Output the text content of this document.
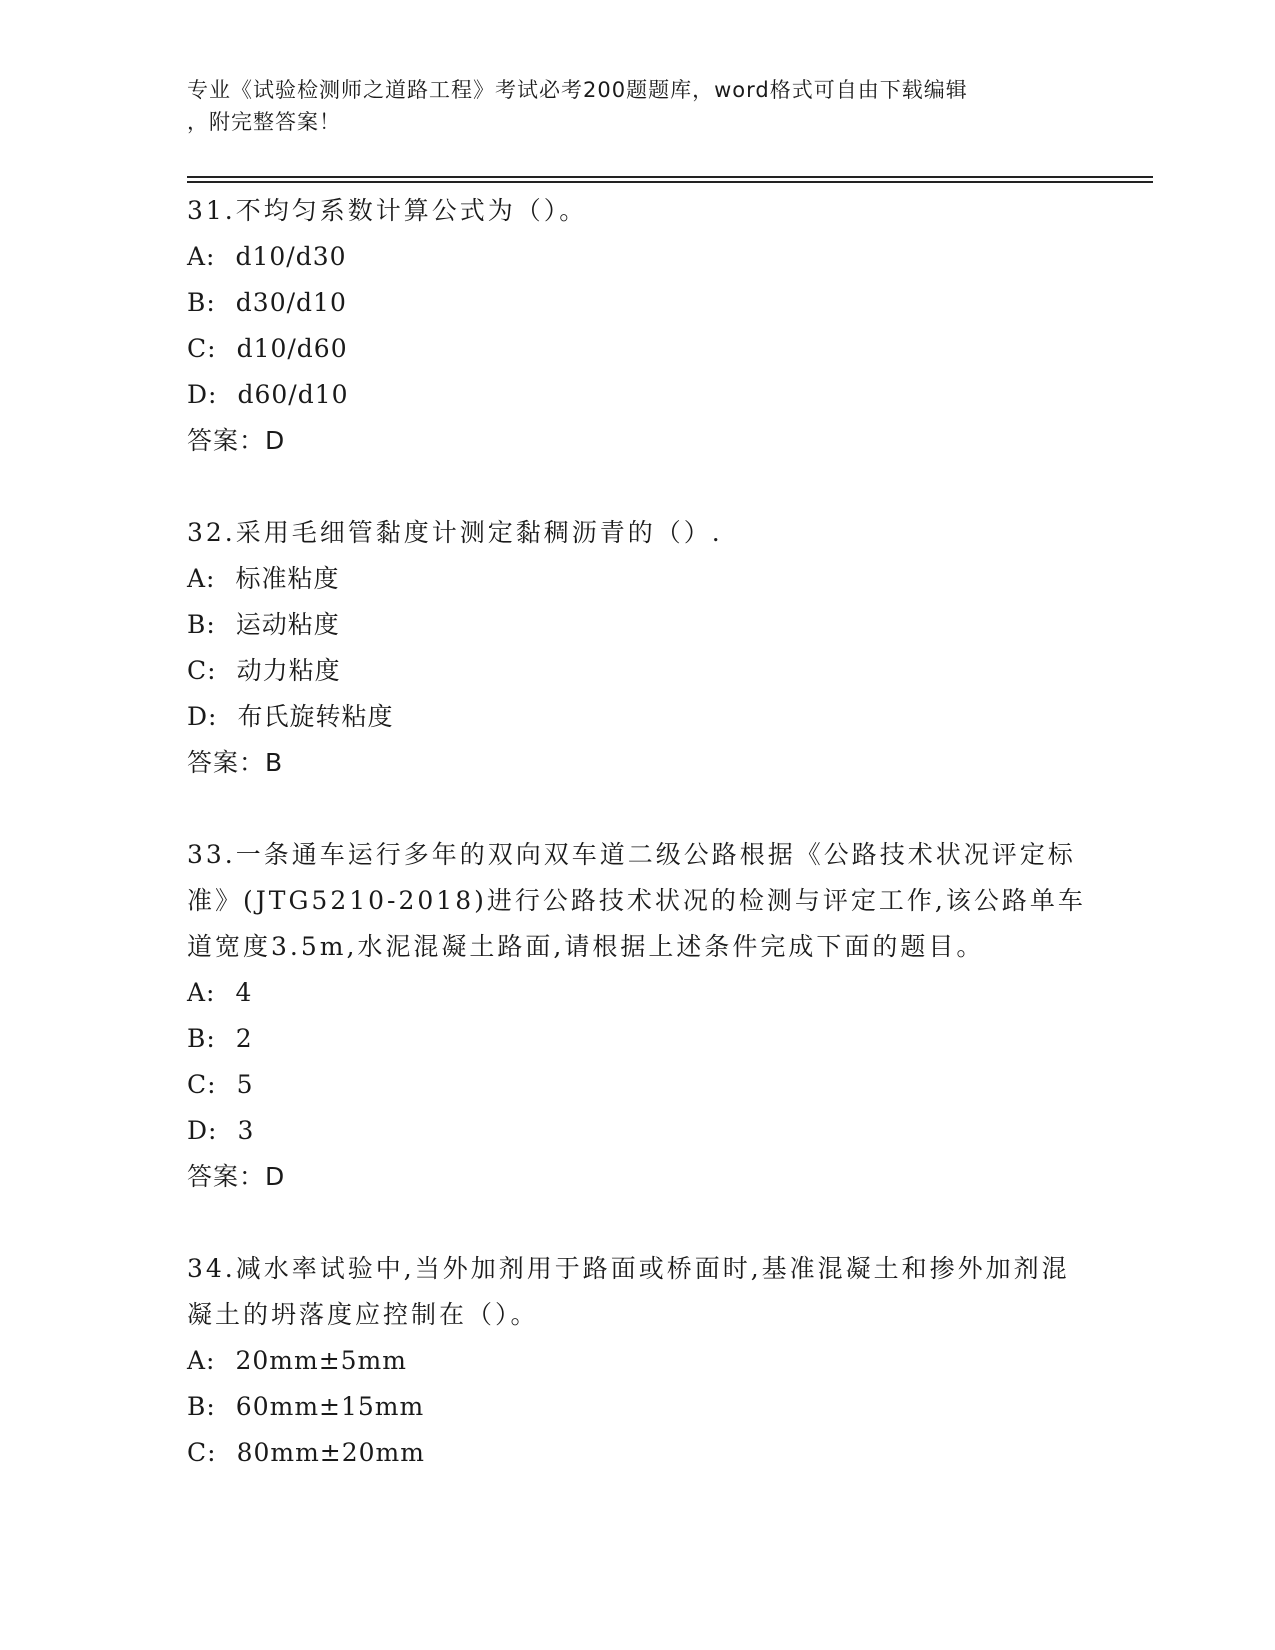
专业《试验检测师之道路工程》考试必考200题题库，word格式可自由下载编辑
，附完整答案！

31.不均匀系数计算公式为（）。

A: d10/d30

B: d30/d10

C: d10/d60

D: d60/d10

答案：D

32.采用毛细管黏度计测定黏稠沥青的（）.

A: 标准粘度

B: 运动粘度

C: 动力粘度

D: 布氏旋转粘度

答案：B

33.一条通车运行多年的双向双车道二级公路根据《公路技术状况评定标准》(JTG5210-2018)进行公路技术状况的检测与评定工作,该公路单车道宽度3.5m,水泥混凝土路面,请根据上述条件完成下面的题目。

A: 4

B: 2

C: 5

D: 3

答案：D

34.减水率试验中,当外加剂用于路面或桥面时,基准混凝土和掺外加剂混凝土的坍落度应控制在（）。

A: 20mm±5mm

B: 60mm±15mm

C: 80mm±20mm
